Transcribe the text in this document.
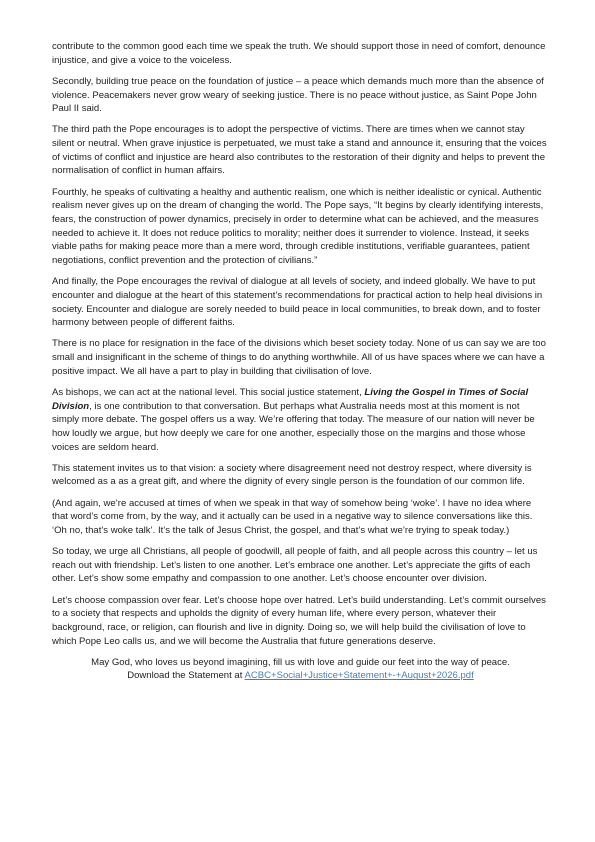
contribute to the common good each time we speak the truth. We should support those in need of comfort, denounce injustice, and give a voice to the voiceless.

Secondly, building true peace on the foundation of justice – a peace which demands much more than the absence of violence. Peacemakers never grow weary of seeking justice. There is no peace without justice, as Saint Pope John Paul II said.

The third path the Pope encourages is to adopt the perspective of victims. There are times when we cannot stay silent or neutral. When grave injustice is perpetuated, we must take a stand and announce it, ensuring that the voices of victims of conflict and injustice are heard also contributes to the restoration of their dignity and helps to prevent the normalisation of conflict in human affairs.

Fourthly, he speaks of cultivating a healthy and authentic realism, one which is neither idealistic or cynical. Authentic realism never gives up on the dream of changing the world. The Pope says, “It begins by clearly identifying interests, fears, the construction of power dynamics, precisely in order to determine what can be achieved, and the measures needed to achieve it. It does not reduce politics to morality; neither does it surrender to violence. Instead, it seeks viable paths for making peace more than a mere word, through credible institutions, verifiable guarantees, patient negotiations, conflict prevention and the protection of civilians.”

And finally, the Pope encourages the revival of dialogue at all levels of society, and indeed globally. We have to put encounter and dialogue at the heart of this statement’s recommendations for practical action to help heal divisions in society. Encounter and dialogue are sorely needed to build peace in local communities, to break down, and to foster harmony between people of different faiths.

There is no place for resignation in the face of the divisions which beset society today. None of us can say we are too small and insignificant in the scheme of things to do anything worthwhile. All of us have spaces where we can have a positive impact. We all have a part to play in building that civilisation of love.

As bishops, we can act at the national level. This social justice statement, Living the Gospel in Times of Social Division, is one contribution to that conversation. But perhaps what Australia needs most at this moment is not simply more debate. The gospel offers us a way. We’re offering that today. The measure of our nation will never be how loudly we argue, but how deeply we care for one another, especially those on the margins and those whose voices are seldom heard.

This statement invites us to that vision: a society where disagreement need not destroy respect, where diversity is welcomed as a as a great gift, and where the dignity of every single person is the foundation of our common life.

(And again, we’re accused at times of when we speak in that way of somehow being ‘woke’. I have no idea where that word’s come from, by the way, and it actually can be used in a negative way to silence conversations like this. ‘Oh no, that’s woke talk’. It’s the talk of Jesus Christ, the gospel, and that’s what we’re trying to speak today.)

So today, we urge all Christians, all people of goodwill, all people of faith, and all people across this country – let us reach out with friendship. Let’s listen to one another. Let’s embrace one another. Let’s appreciate the gifts of each other. Let’s show some empathy and compassion to one another. Let’s choose encounter over division.

Let’s choose compassion over fear. Let’s choose hope over hatred. Let’s build understanding. Let’s commit ourselves to a society that respects and upholds the dignity of every human life, where every person, whatever their background, race, or religion, can flourish and live in dignity. Doing so, we will help build the civilisation of love to which Pope Leo calls us, and we will become the Australia that future generations deserve.

May God, who loves us beyond imagining, fill us with love and guide our feet into the way of peace.
Download the Statement at ACBC+Social+Justice+Statement+-+August+2026.pdf
